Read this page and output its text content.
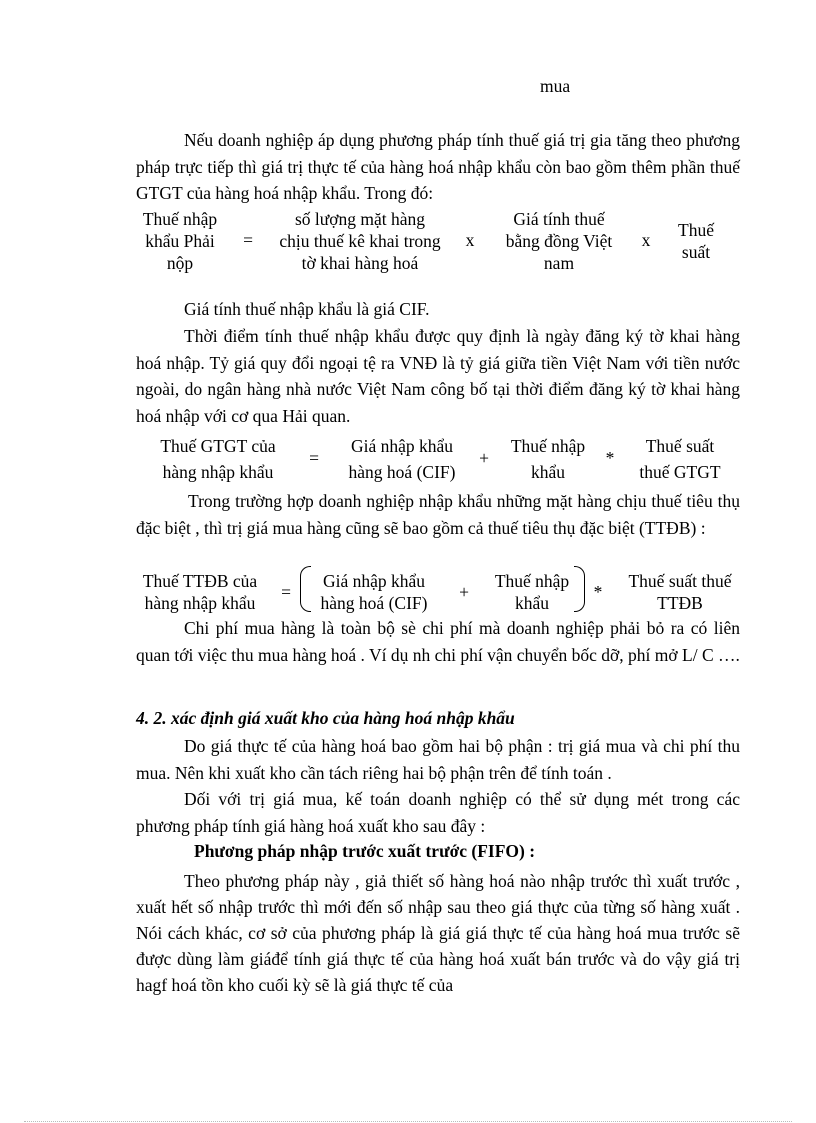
mua

Nếu doanh nghiệp áp dụng phương pháp tính thuế giá trị gia tăng theo phương pháp trực tiếp thì giá trị thực tế của hàng hoá nhập khẩu còn bao gồm thêm phần thuế GTGT của hàng hoá nhập khẩu. Trong đó:

Thuế nhập
khẩu Phải
nộp
=
số lượng mặt hàng
chịu thuế kê khai trong
tờ khai hàng hoá
x
Giá tính thuế
bằng đồng Việt
nam
x	Thuế
suất

Giá tính thuế nhập khẩu là giá CIF.

Thời điểm tính thuế nhập khẩu được quy định là ngày đăng ký tờ khai hàng hoá nhập. Tỷ giá quy đổi ngoại tệ ra VNĐ là tỷ giá giữa tiền Việt Nam với tiền nước ngoài, do ngân hàng nhà nước Việt Nam công bố tại thời điểm đăng ký tờ khai hàng hoá nhập với cơ qua Hải quan.

Thuế GTGT của
hàng nhập khẩu
=
Giá nhập khẩu
hàng hoá (CIF)
+
Thuế nhập
khẩu
*
Thuế suất
thuế GTGT

Trong trường hợp doanh nghiệp nhập khẩu những mặt hàng chịu thuế tiêu thụ đặc biệt , thì trị giá mua hàng cũng sẽ bao gồm cả thuế tiêu thụ đặc biệt (TTĐB) :

Thuế TTĐB của
hàng nhập khẩu
=
Giá nhập khẩu
hàng hoá (CIF)
+
Thuế nhập
khẩu
*
Thuế suất thuế
TTĐB

Chi phí mua hàng là toàn bộ sè chi phí mà doanh nghiệp phải bỏ ra có liên quan tới việc thu mua hàng hoá . Ví dụ nh chi phí vận chuyển bốc dỡ, phí mở L/ C ….

4. 2. xác định giá xuất kho của hàng hoá nhập khẩu

Do giá thực tế của hàng hoá bao gồm hai bộ phận : trị giá mua và chi phí thu mua. Nên khi xuất kho cần tách riêng hai bộ phận trên để tính toán .

Dối với trị giá mua, kế toán doanh nghiệp có thể sử dụng mét trong các phương pháp tính giá hàng hoá xuất kho sau đây :

Phương pháp nhập trước xuất trước (FIFO) :

Theo phương pháp này , giả thiết số hàng hoá nào nhập trước thì xuất trước , xuất hết số nhập trước thì mới đến số nhập sau theo giá thực của từng số hàng xuất . Nói cách khác, cơ sở của phương pháp là giá giá thực tế của hàng hoá mua trước sẽ được dùng làm giáđể tính giá thực tế của hàng hoá xuất bán trước và do vậy giá trị hagf hoá tồn kho cuối kỳ sẽ là giá thực tế của
